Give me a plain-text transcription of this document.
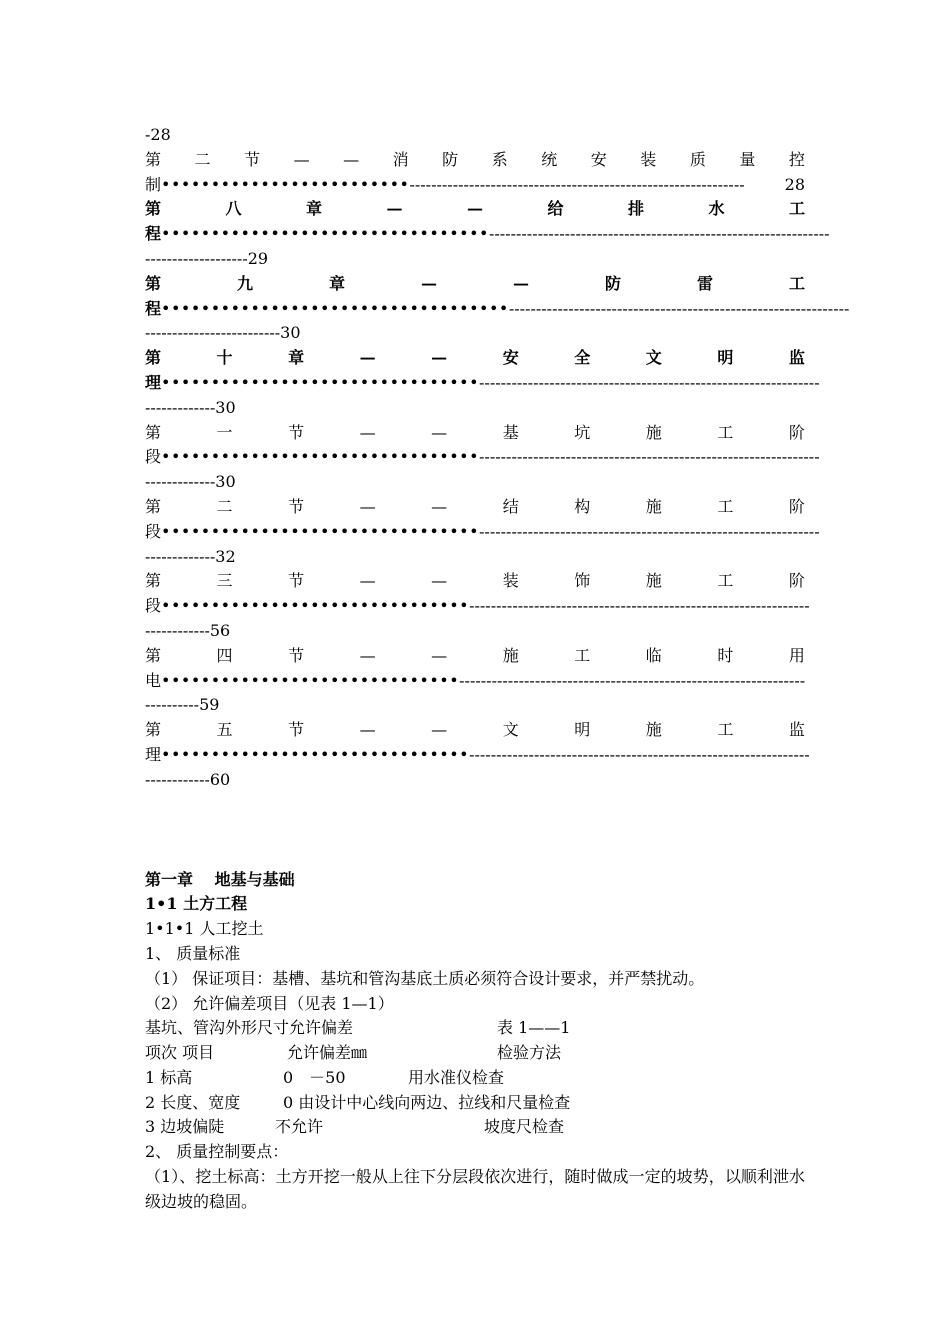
-28
第 二 节 — — 消 防 系 统 安 装 质 量 控
制 ••••••••••••••••••••••••• --------------------------------------------------------------	28
第	八	章	—	—	给	排	水	工
程 ••••••••••••••••••••••••••••••••• ---------------------------------------------------------------
-------------------29
第	九	章	—	—	防	雷	工
程 ••••••••••••••••••••••••••••••••••• ---------------------------------------------------------------
-------------------------30
第	十	章	—	—	安	全	文	明	监
理 •••••••••••••••••••••••••••••••• ---------------------------------------------------------------
-------------30
第	一	节	—	—	基	坑	施	工	阶
段 •••••••••••••••••••••••••••••••• ---------------------------------------------------------------
-------------30
第	二	节	—	—	结	构	施	工	阶
段 •••••••••••••••••••••••••••••••• ---------------------------------------------------------------
-------------32
第	三	节	—	—	装	饰	施	工	阶
段 ••••••••••••••••••••••••••••••• ---------------------------------------------------------------
------------56
第	四	节	—	—	施	工	临	时	用
电 •••••••••••••••••••••••••••••• ----------------------------------------------------------------
----------59
第	五	节	—	—	文	明	施	工	监
理 ••••••••••••••••••••••••••••••• ---------------------------------------------------------------
------------60
第一章　 地基与基础
1•1 土方工程
1•1•1 人工挖土
1、 质量标准
（1） 保证项目：基槽、基坑和管沟基底土质必须符合设计要求，并严禁扰动。
（2） 允许偏差项目（见表 1—1）
基坑、管沟外形尺寸允许偏差	表 1——1
项次 项目	允许偏差㎜	检验方法
1 标高	0　－50	用水准仪检查
2 长度、宽度	0 由设计中心线向两边、拉线和尺量检查
3 边坡偏陡	不允许	坡度尺检查
2、 质量控制要点：
（1）、挖土标高：土方开挖一般从上往下分层段依次进行，随时做成一定的坡势，以顺利泄水级边坡的稳固。
